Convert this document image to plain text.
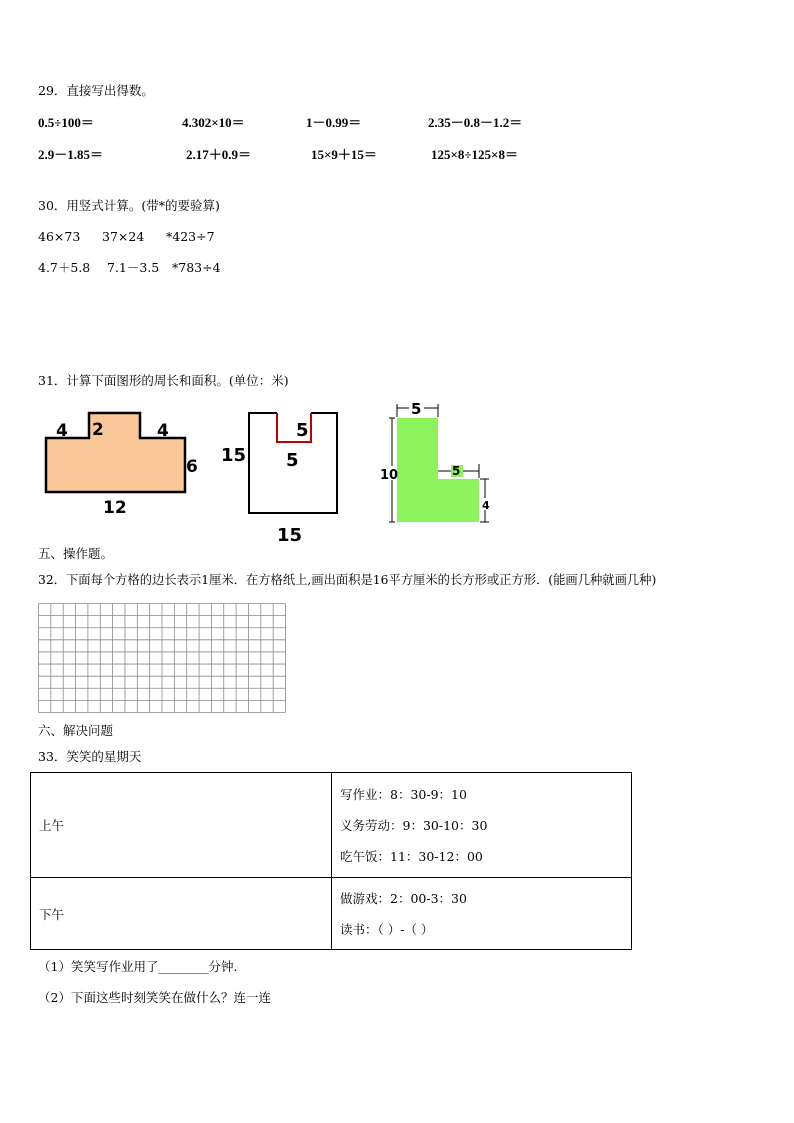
29．直接写出得数。
0.5÷100＝	4.302×10＝	1－0.99＝	2.35－0.8－1.2＝
2.9－1.85＝	2.17＋0.9＝	15×9＋15＝	125×8÷125×8＝
30．用竖式计算。(带*的要验算)
46×73 37×24 *423÷7
4.7＋5.8 7.1－3.5 *783÷4
31．计算下面图形的周长和面积。(单位：米)
4 2	4
6
12
15
5
5
15
5
10	5
4
五、操作题。
32．下面每个方格的边长表示1厘米．在方格纸上,画出面积是16平方厘米的长方形或正方形．(能画几种就画几种)
六、解决问题
33．笑笑的星期天
上午	写作业：8：30-9：10
义务劳动：9：30-10：30
吃午饭：11：30-12：00

下午	做游戏：2：00-3：30
读书：（ ）-（ ）
（1）笑笑写作业用了________分钟.
（2）下面这些时刻笑笑在做什么？连一连
